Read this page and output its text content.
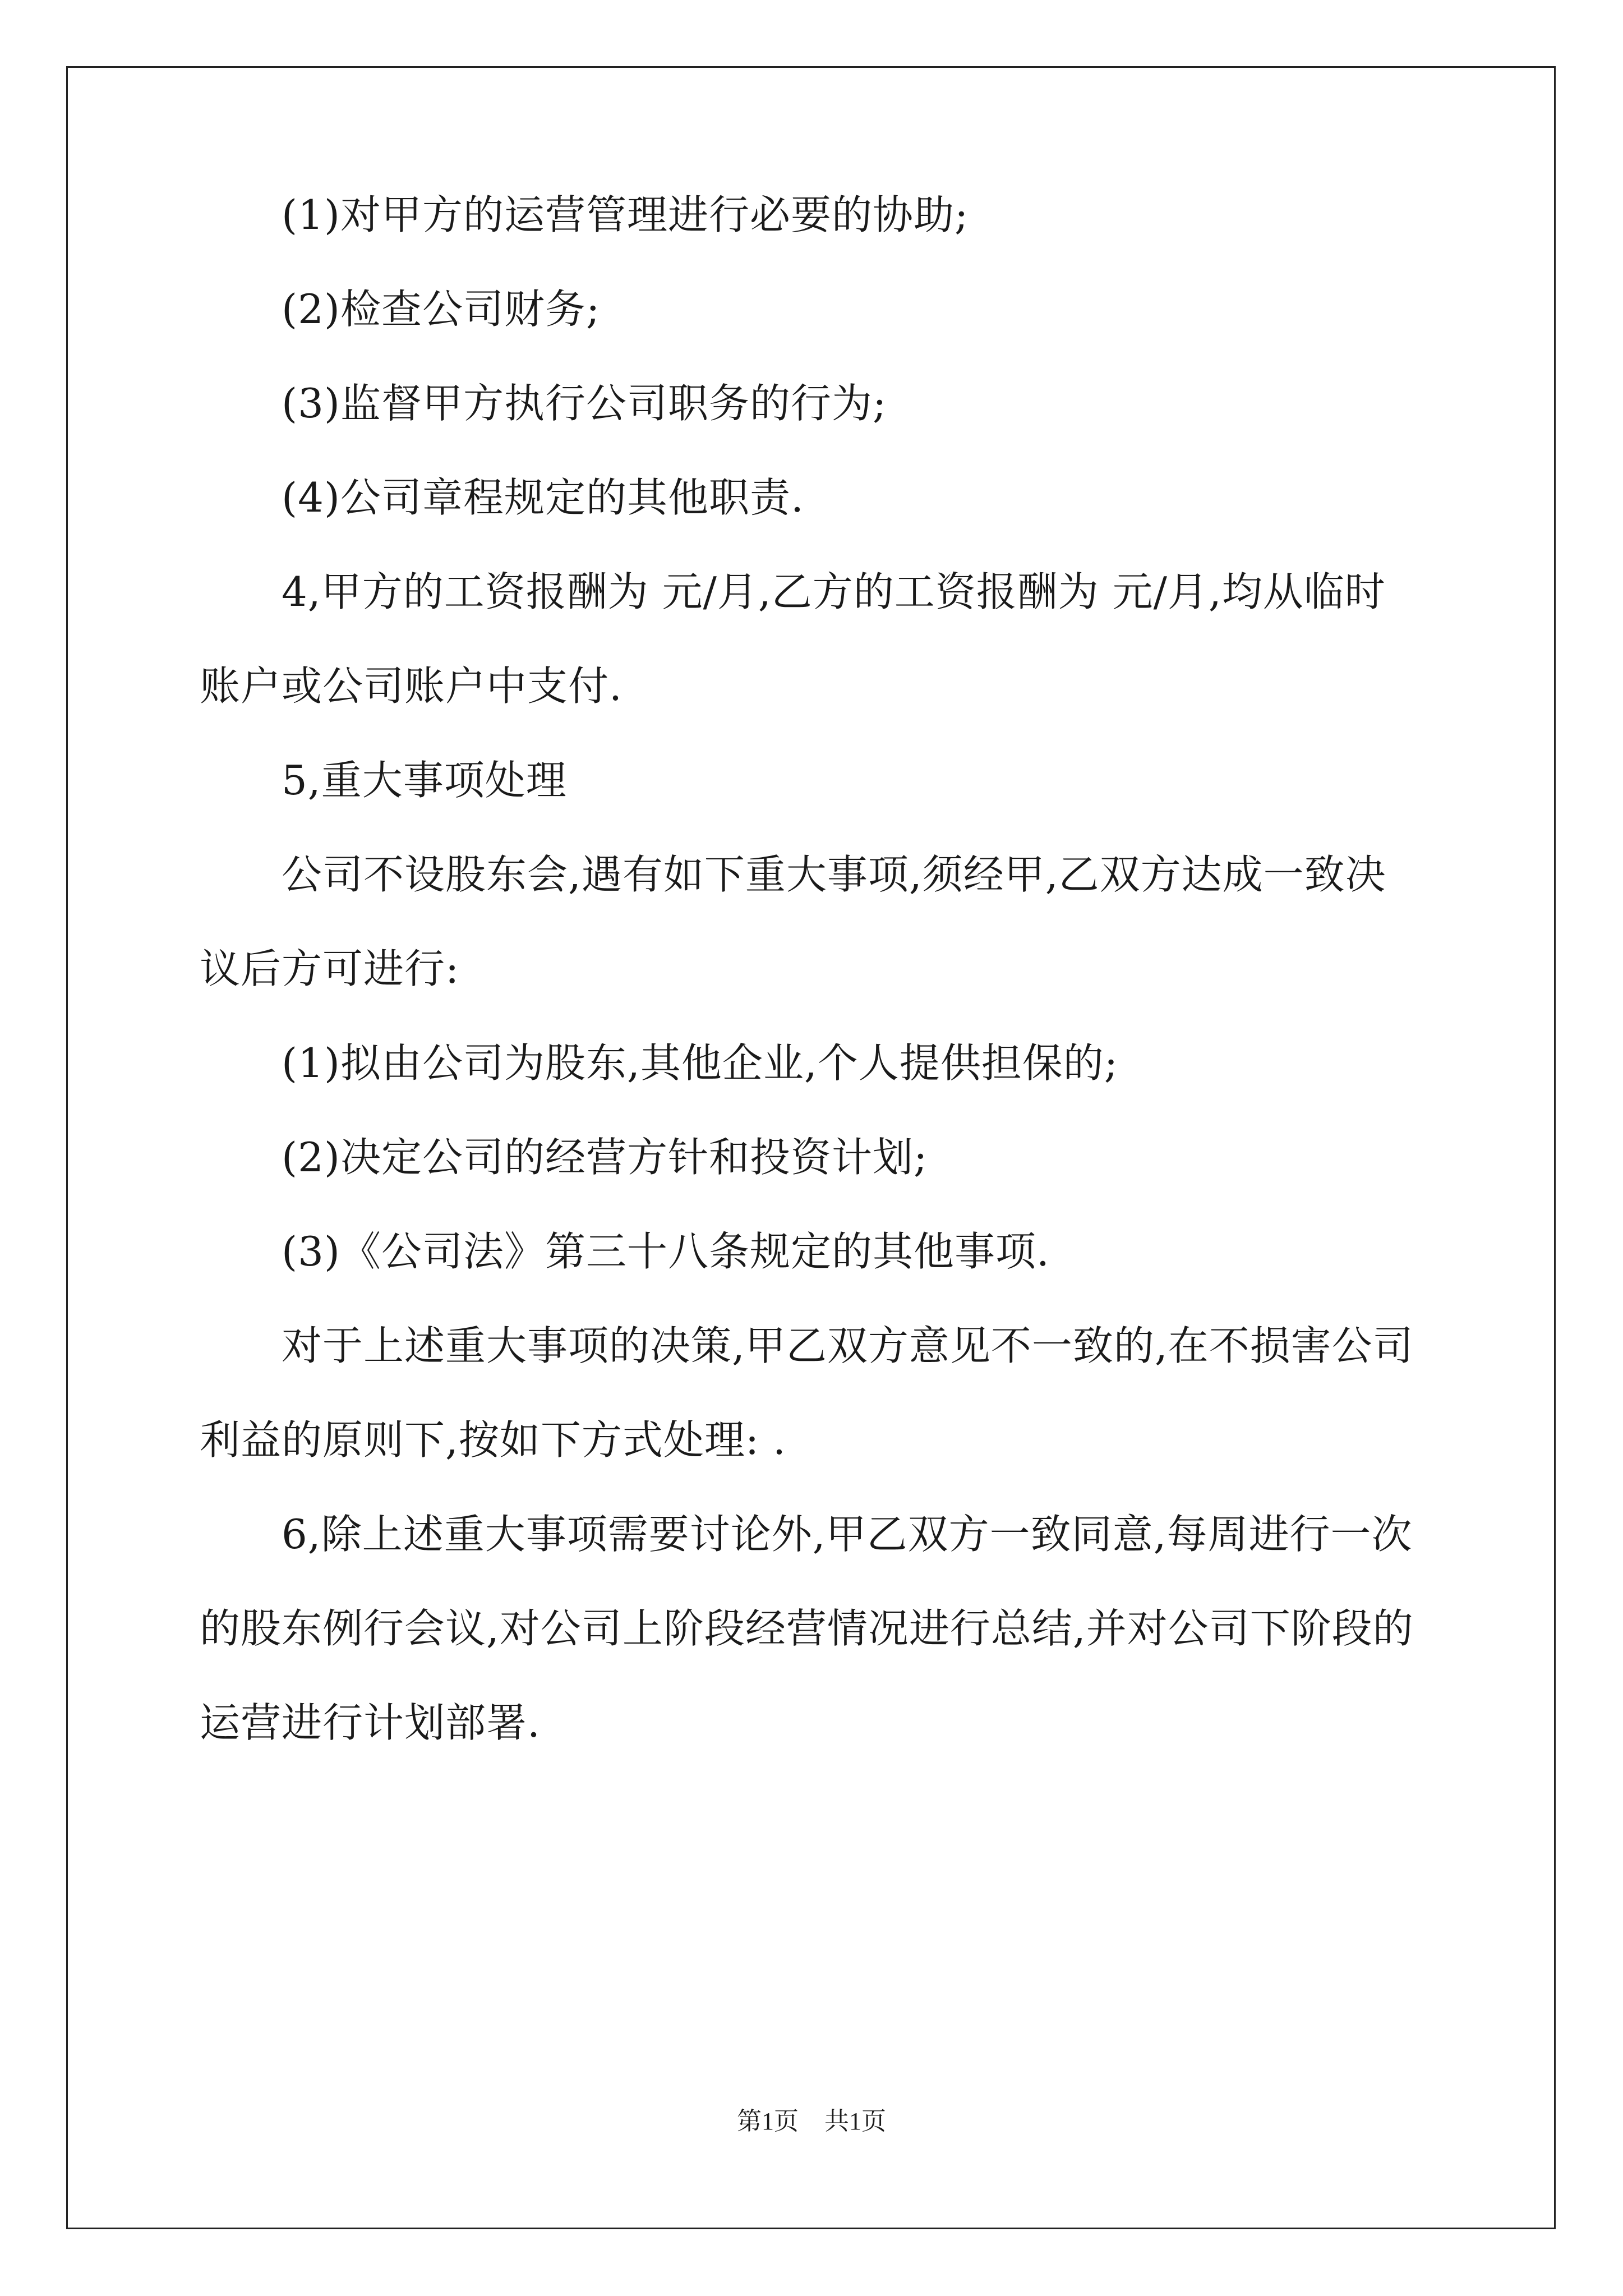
(1)对甲方的运营管理进行必要的协助;

(2)检查公司财务;

(3)监督甲方执行公司职务的行为;

(4)公司章程规定的其他职责.

4,甲方的工资报酬为 元/月,乙方的工资报酬为 元/月,均从临时
账户或公司账户中支付.

5,重大事项处理

公司不设股东会,遇有如下重大事项,须经甲,乙双方达成一致决
议后方可进行:

(1)拟由公司为股东,其他企业,个人提供担保的;

(2)决定公司的经营方针和投资计划;

(3)《公司法》第三十八条规定的其他事项.

对于上述重大事项的决策,甲乙双方意见不一致的,在不损害公司
利益的原则下,按如下方式处理: .

6,除上述重大事项需要讨论外,甲乙双方一致同意,每周进行一次
的股东例行会议,对公司上阶段经营情况进行总结,并对公司下阶段的
运营进行计划部署.

第1页 共1页
